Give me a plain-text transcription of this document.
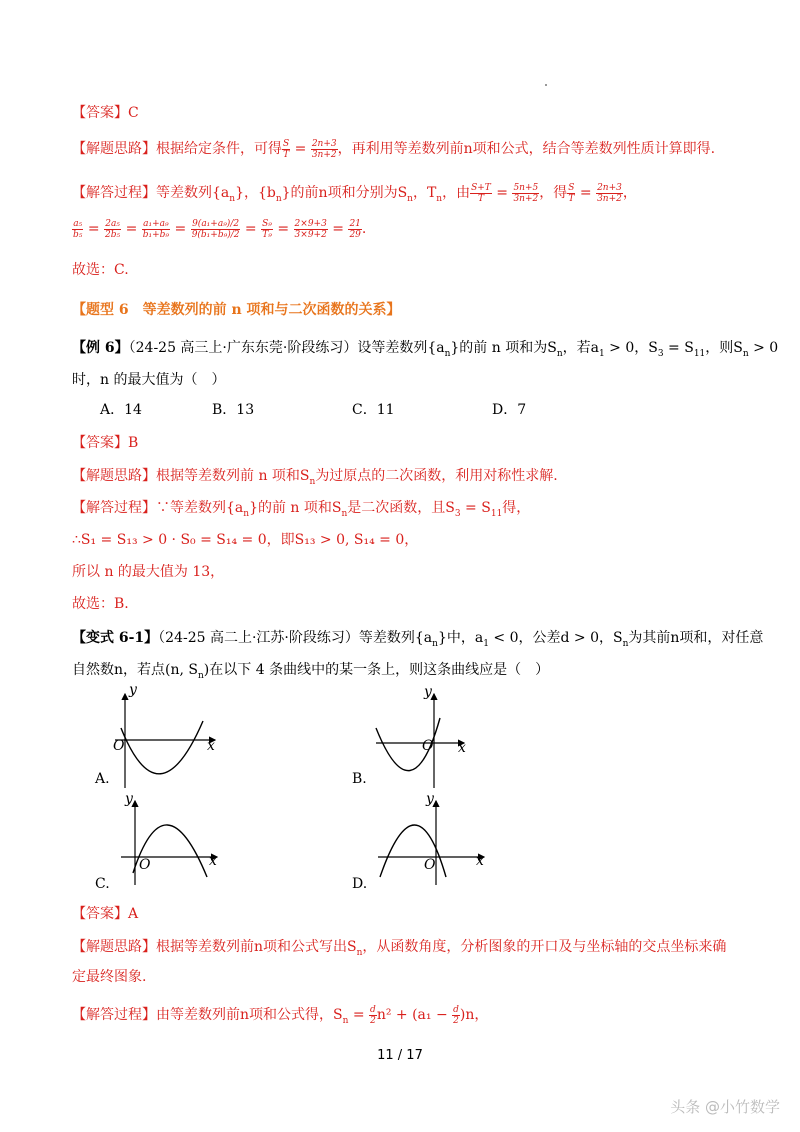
【答案】C
【解题思路】根据给定条件，可得 $\frac{S}{T} = \frac{2n+3}{3n+2}$ ，再利用等差数列前n项和公式，结合等差数列性质计算即得.
【解答过程】等差数列$\{a_n\}$，$\{b_n\}$的前n项和分别为$S_n$，$T_n$，由 $\frac{S+T}{T} = \frac{5n+5}{3n+2}$ ，得 $\frac{S}{T} = \frac{2n+3}{3n+2}$ ，
$\frac{\text{a₅}}{\text{b₅}} = \frac{\text{2a₅}}{\text{2b₅}} = \frac{\text{a₁+a₉}}{\text{b₁+b₉}} = \frac{\text{9(a₁+a₉)/2}}{\text{9(b₁+b₉)/2}} = \frac{\text{S₉}}{\text{T₉}} = \frac{2\times 9+3}{3\times 9+2} = \frac{21}{29}$ .
故选：C.
【题型 6　等差数列的前 n 项和与二次函数的关系】
【例 6】（24-25 高三上·广东东莞·阶段练习）设等差数列$\{a_n\}$的前 n 项和为$S_n$，若$a_1 > 0$，$S_3 = S_{11}$，则$S_n > 0$
时，n 的最大值为（　）
A．14	B．13	C．11	D．7
【答案】B
【解题思路】根据等差数列前 n 项和$S_n$为过原点的二次函数，利用对称性求解.
【解答过程】∵等差数列$\{a_n\}$的前 n 项和$S_n$是二次函数，且$S_3 = S_{11}$得，
∴S₁ = S₁₃ > 0 · S₀ = S₁₄ = 0，即S₁₃ > 0, S₁₄ = 0，
所以 n 的最大值为 13，
故选：B.
【变式 6-1】（24-25 高二上·江苏·阶段练习）等差数列$\{a_n\}$中，$a_1 < 0$，公差d > 0，$S_n$为其前n项和，对任意
自然数n，若点(n, $S_n$)在以下 4 条曲线中的某一条上，则这条曲线应是（　）
y
x
O
A.
y
x
O
B.
y
x
O
C.
y
x
O
D.
【答案】A
【解题思路】根据等差数列前n项和公式写出$S_n$，从函数角度，分析图象的开口及与坐标轴的交点坐标来确
定最终图象.
【解答过程】由等差数列前n项和公式得，$S_n = \frac{d}{2} n^2 + (a_1 - \frac{d}{2} )n$，
11 / 17
头条 @小竹数学
